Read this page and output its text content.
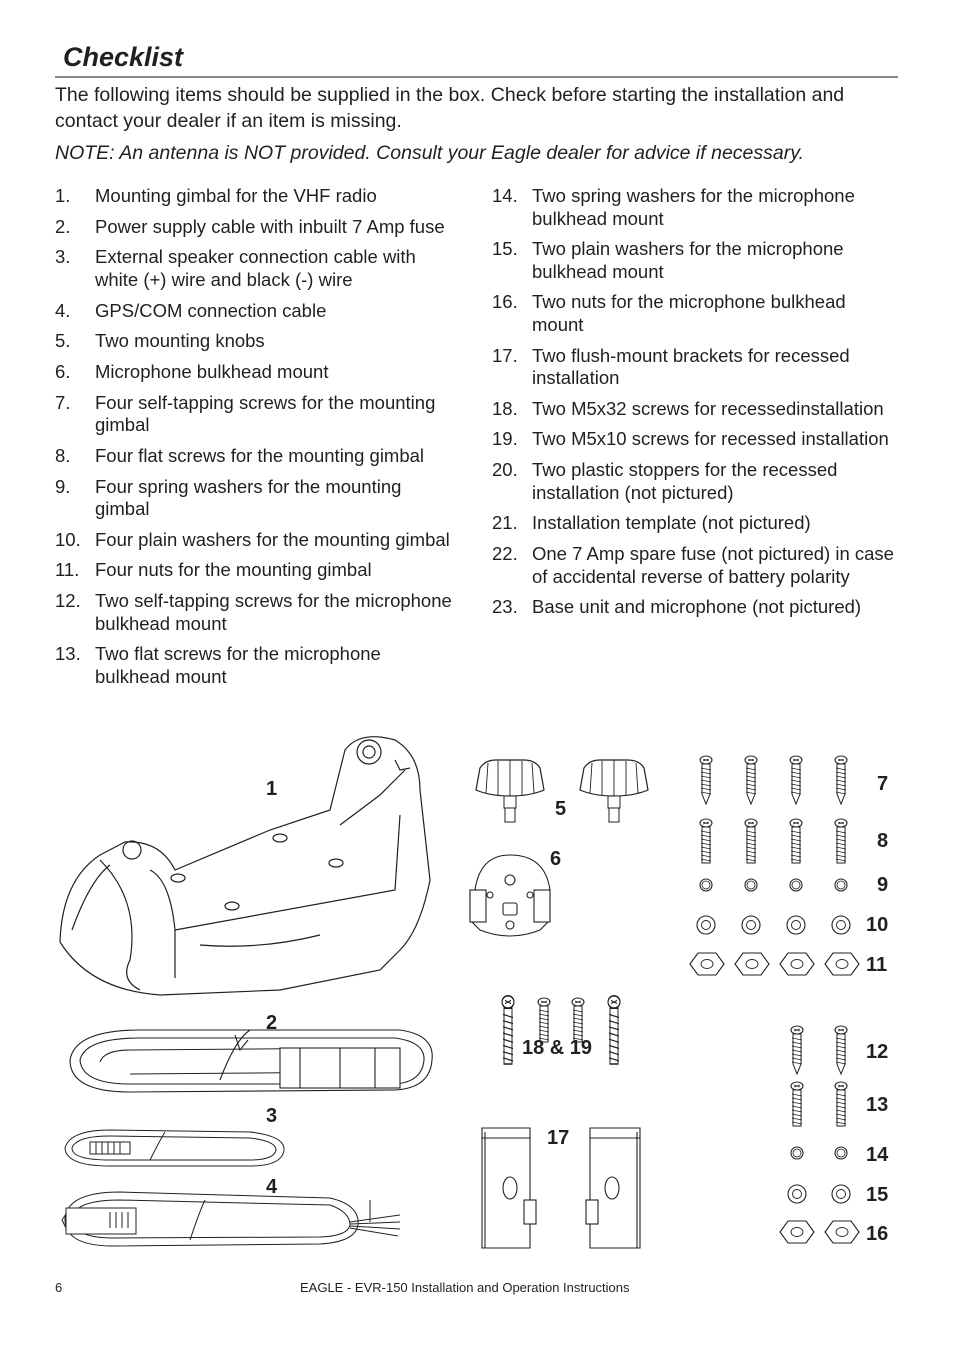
Checklist

The following items should be supplied in the box. Check before starting the installation and contact your dealer if an item is missing.

NOTE: An antenna is NOT provided. Consult your Eagle dealer for advice if necessary.

1. Mounting gimbal for the VHF radio
2. Power supply cable with inbuilt 7 Amp fuse
3. External speaker connection cable with white (+) wire and black (-) wire
4. GPS/COM connection cable
5. Two mounting knobs
6. Microphone bulkhead mount
7. Four self-tapping screws for the mounting gimbal
8. Four flat screws for the mounting gimbal
9. Four spring washers for the mounting gimbal
10. Four plain washers for the mounting gimbal
11. Four nuts for the mounting gimbal
12. Two self-tapping screws for the microphone bulkhead mount
13. Two flat screws for the microphone bulkhead mount
14. Two spring washers for the microphone bulkhead mount
15. Two plain washers for the microphone bulkhead mount
16. Two nuts for the microphone bulkhead mount
17. Two flush-mount brackets for recessed installation
18. Two M5x32 screws for recessedinstallation
19. Two M5x10 screws for recessed installation
20. Two plastic stoppers for the recessed installation (not pictured)
21. Installation template (not pictured)
22. One 7 Amp spare fuse (not pictured) in case of accidental reverse of battery polarity
23. Base unit and microphone (not pictured)
1
2
3
4
5
6
7
8
9
10
11
12
13
14
15
16
17
18 & 19
6	EAGLE - EVR-150 Installation and Operation Instructions
